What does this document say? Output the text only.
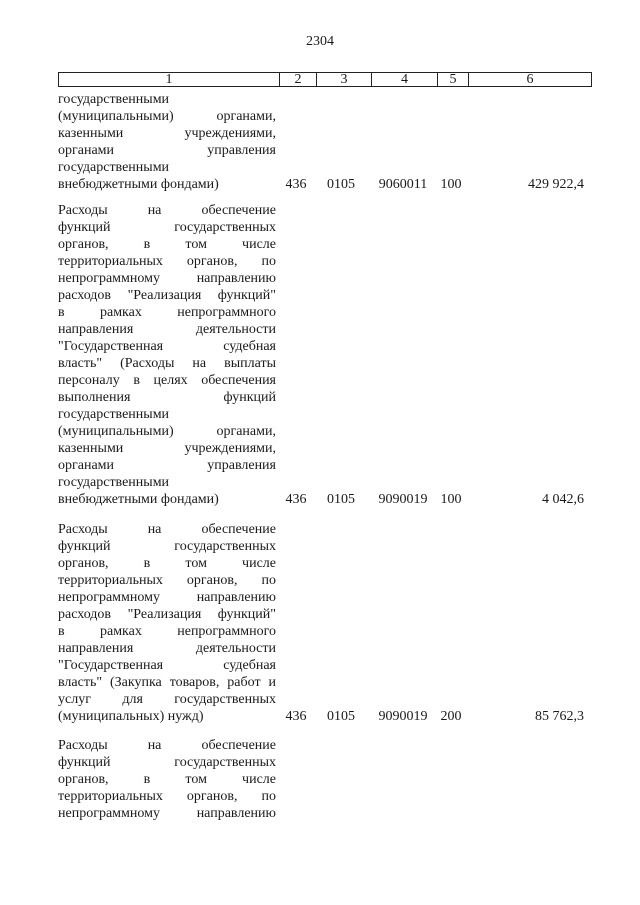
2304
1	2	3	4	5	6
государственными
(муниципальными) органами,
казенными учреждениями,
органами управления
государственными
внебюджетными фондами)	436	0105	9060011 100	429 922,4
Расходы на обеспечение
функций государственных
органов, в том числе
территориальных органов, по
непрограммному направлению
расходов "Реализация функций"
в рамках непрограммного
направления деятельности
"Государственная судебная
власть" (Расходы на выплаты
персоналу в целях обеспечения
выполнения функций
государственными
(муниципальными) органами,
казенными учреждениями,
органами управления
государственными
внебюджетными фондами)	436	0105	9090019 100	4 042,6
Расходы на обеспечение
функций государственных
органов, в том числе
территориальных органов, по
непрограммному направлению
расходов "Реализация функций"
в рамках непрограммного
направления деятельности
"Государственная судебная
власть" (Закупка товаров, работ и
услуг для государственных
(муниципальных) нужд)	436	0105	9090019 200	85 762,3
Расходы на обеспечение
функций государственных
органов, в том числе
территориальных органов, по
непрограммному направлению
